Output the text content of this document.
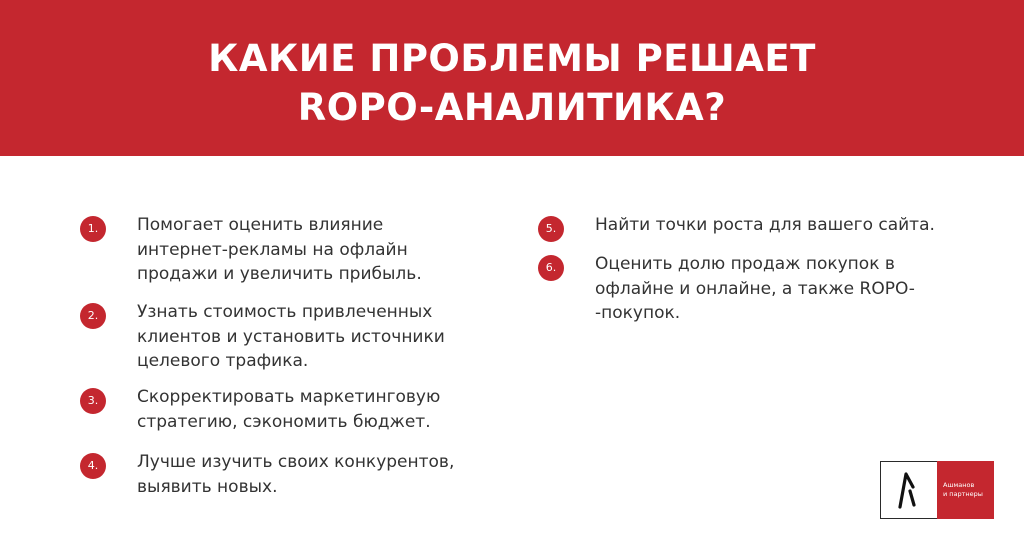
КАКИЕ ПРОБЛЕМЫ РЕШАЕТ
ROPO-АНАЛИТИКА?
1.	Помогает оценить влияние
интернет-рекламы на офлайн
продажи и увеличить прибыль.
2.	Узнать стоимость привлеченных
клиентов и установить источники
целевого трафика.
3.	Скорректировать маркетинговую
стратегию, сэкономить бюджет.
4.	Лучше изучить своих конкурентов,
выявить новых.
5.	Найти точки роста для вашего сайта.
6.	Оценить долю продаж покупок в
офлайне и онлайне, а также ROPO-
-покупок.
Ашманов
и партнеры
